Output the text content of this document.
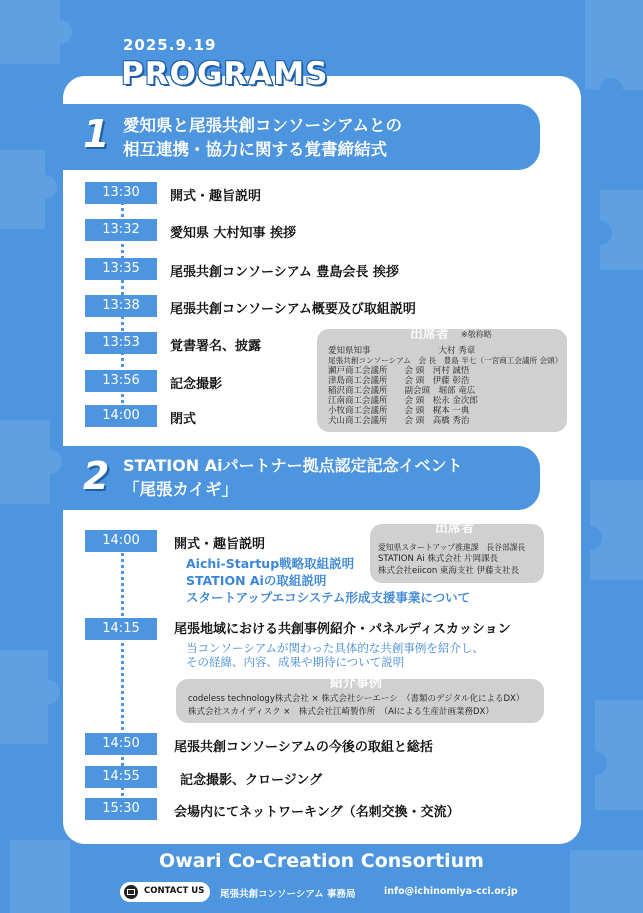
2025.9.19
PROGRAMS
1 愛知県と尾張共創コンソーシアムとの
相互連携・協力に関する覚書締結式
13:30	開式・趣旨説明
13:32	愛知県 大村知事 挨拶
13:35	尾張共創コンソーシアム 豊島会長 挨拶
13:38	尾張共創コンソーシアム概要及び取組説明
13:53	覚書署名、披露
13:56	記念撮影
14:00	閉式
出席者 ※敬称略
愛知県知事　　　　　　　　大村 秀章
尾張共創コンソーシアム　会 長　豊島 半七（一宮商工会議所 会頭）
瀬戸商工会議所　　会 頭　河村 誠悟
津島商工会議所　　会 頭　伊藤 彰浩
稲沢商工会議所　　副会頭　堀部 竜広
江南商工会議所　　会 頭　松永 金次郎
小牧商工会議所　　会 頭　梶本 一典
犬山商工会議所　　会 頭　高橋 秀治
2 STATION Aiパートナー拠点認定記念イベント
「尾張カイギ」
14:00	開式・趣旨説明
Aichi-Startup戦略取組説明
STATION Aiの取組説明
スタートアップエコシステム形成支援事業について
出席者
愛知県スタートアップ推進課　長谷部課長
STATION Ai 株式会社 片岡課長
株式会社eiicon 東海支社 伊藤支社長
14:15	尾張地域における共創事例紹介・パネルディスカッション
当コンソーシアムが関わった具体的な共創事例を紹介し、
その経緯、内容、成果や期待について説明
紹介事例
codeless technology株式会社 × 株式会社シーエーシ　（書類のデジタル化によるDX）
株式会社スカイディスク ×　株式会社江崎製作所　（AIによる生産計画業務DX）
14:50	尾張共創コンソーシアムの今後の取組と総括
14:55	記念撮影、クロージング
15:30	会場内にてネットワーキング（名刺交換・交流）
Owari Co-Creation Consortium
CONTACT US 尾張共創コンソーシアム 事務局	info@ichinomiya-cci.or.jp
